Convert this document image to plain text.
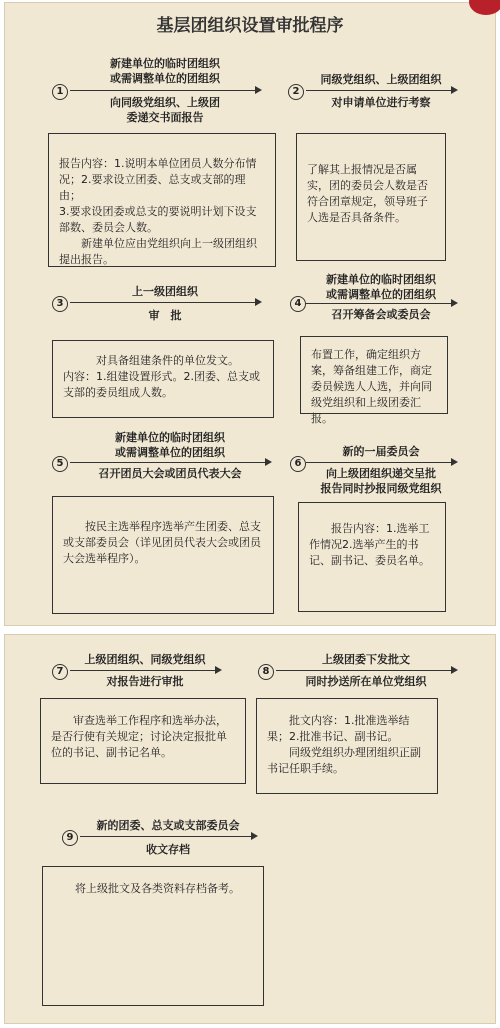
基层团组织设置审批程序
1
新建单位的临时团组织
或需调整单位的团组织
向同级党组织、上级团
委递交书面报告

报告内容：1.说明本单位团员人数分布情况；2.要求设立团委、总支或支部的理由；

3.要求设团委或总支的要说明计划下设支部数、委员会人数。

新建单位应由党组织向上一级团组织提出报告。

2
同级党组织、上级团组织
对申请单位进行考察

了解其上报情况是否属实，团的委员会人数是否符合团章规定，领导班子人选是否具备条件。

3
上一级团组织
审　批

对具备组建条件的单位发文。

内容：1.组建设置形式。2.团委、总支或支部的委员组成人数。

4
新建单位的临时团组织
或需调整单位的团组织
召开筹备会或委员会

布置工作，确定组织方案，筹备组建工作，商定委员候选人人选，并向同级党组织和上级团委汇报。

5
新建单位的临时团组织
或需调整单位的团组织
召开团员大会或团员代表大会

按民主选举程序选举产生团委、总支或支部委员会（详见团员代表大会或团员大会选举程序）。

6
新的一届委员会
向上级团组织递交呈批
报告同时抄报同级党组织

报告内容：1.选举工作情况2.选举产生的书记、副书记、委员名单。

7
上级团组织、同级党组织
对报告进行审批

审查选举工作程序和选举办法，是否行使有关规定；讨论决定报批单位的书记、副书记名单。

8
上级团委下发批文
同时抄送所在单位党组织

批文内容：1.批准选举结果；2.批准书记、副书记。

同级党组织办理团组织正副书记任职手续。

9
新的团委、总支或支部委员会
收文存档

将上级批文及各类资料存档备考。
